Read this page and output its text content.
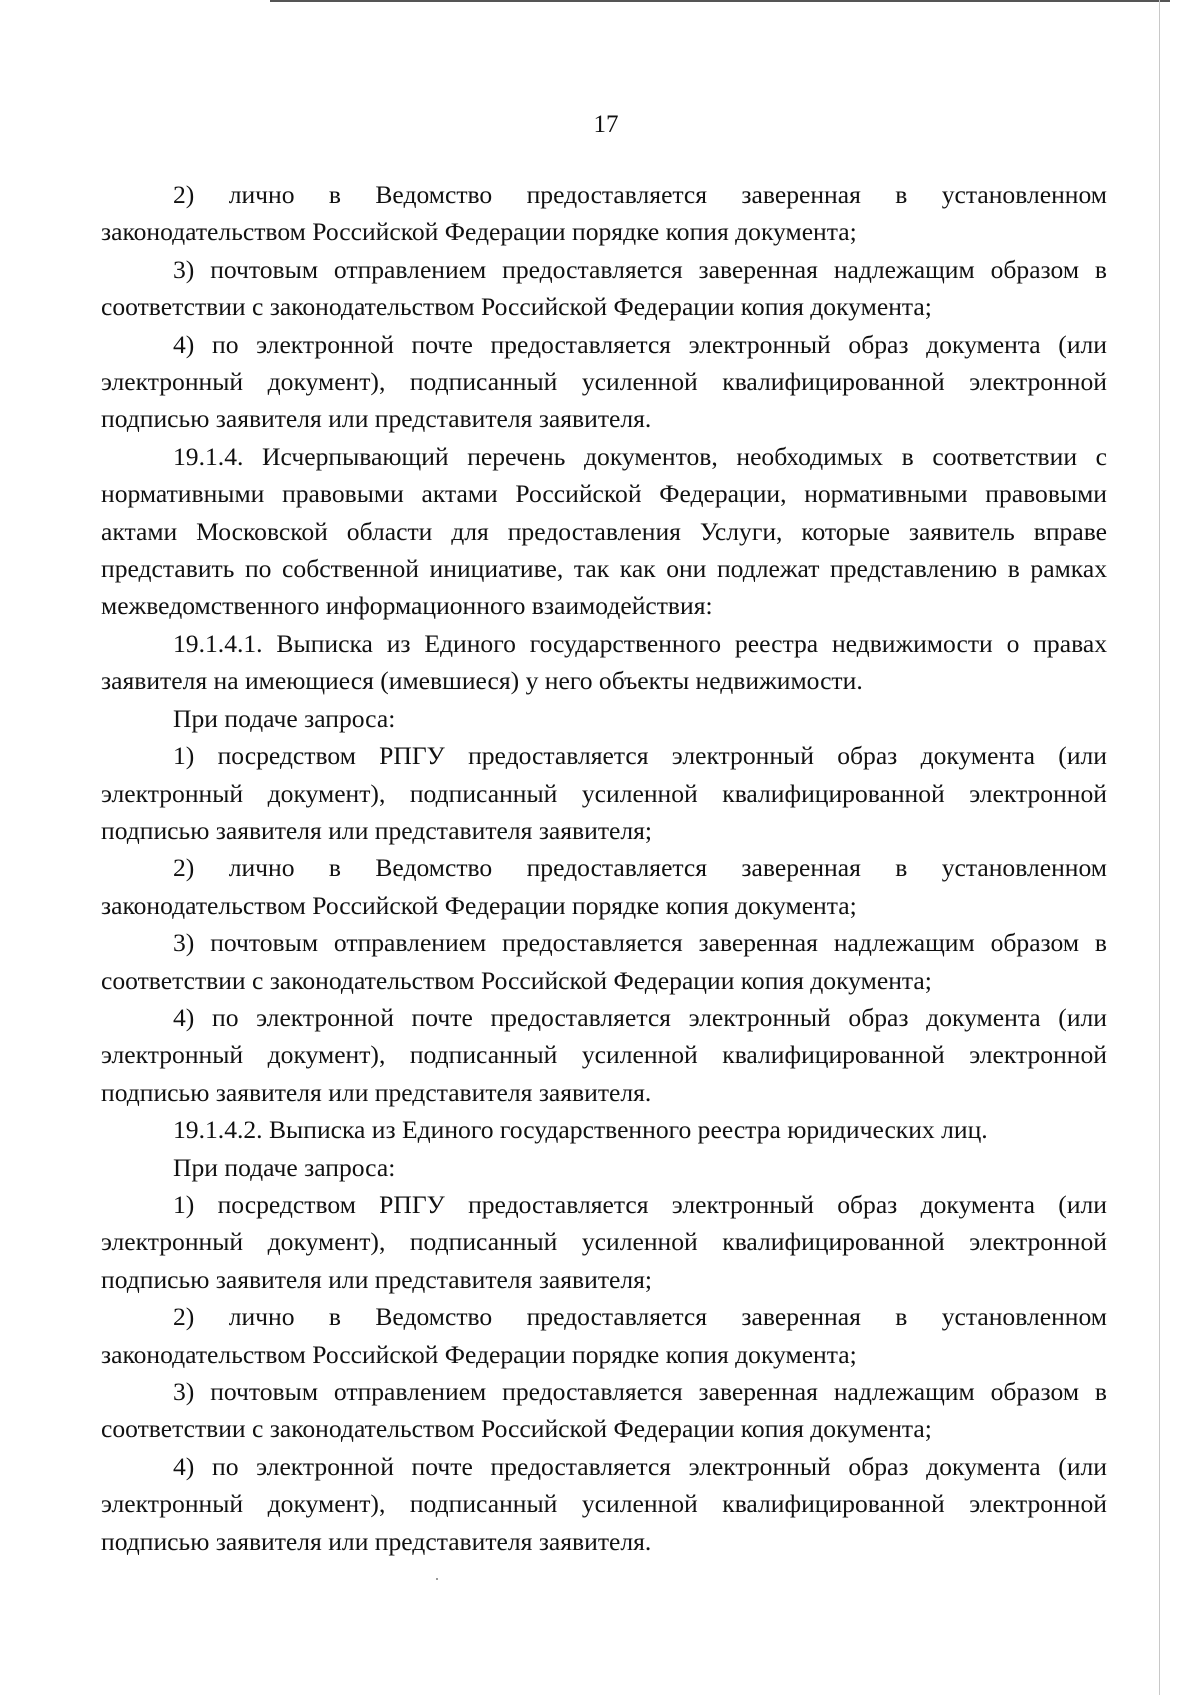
17

2) лично в Ведомство предоставляется заверенная в установленном законодательством Российской Федерации порядке копия документа;

3) почтовым отправлением предоставляется заверенная надлежащим образом в соответствии с законодательством Российской Федерации копия документа;

4) по электронной почте предоставляется электронный образ документа (или электронный документ), подписанный усиленной квалифицированной электронной подписью заявителя или представителя заявителя.

19.1.4. Исчерпывающий перечень документов, необходимых в соответствии с нормативными правовыми актами Российской Федерации, нормативными правовыми актами Московской области для предоставления Услуги, которые заявитель вправе представить по собственной инициативе, так как они подлежат представлению в рамках межведомственного информационного взаимодействия:

19.1.4.1. Выписка из Единого государственного реестра недвижимости о правах заявителя на имеющиеся (имевшиеся) у него объекты недвижимости.

При подаче запроса:

1) посредством РПГУ предоставляется электронный образ документа (или электронный документ), подписанный усиленной квалифицированной электронной подписью заявителя или представителя заявителя;

2) лично в Ведомство предоставляется заверенная в установленном законодательством Российской Федерации порядке копия документа;

3) почтовым отправлением предоставляется заверенная надлежащим образом в соответствии с законодательством Российской Федерации копия документа;

4) по электронной почте предоставляется электронный образ документа (или электронный документ), подписанный усиленной квалифицированной электронной подписью заявителя или представителя заявителя.

19.1.4.2. Выписка из Единого государственного реестра юридических лиц.

При подаче запроса:

1) посредством РПГУ предоставляется электронный образ документа (или электронный документ), подписанный усиленной квалифицированной электронной подписью заявителя или представителя заявителя;

2) лично в Ведомство предоставляется заверенная в установленном законодательством Российской Федерации порядке копия документа;

3) почтовым отправлением предоставляется заверенная надлежащим образом в соответствии с законодательством Российской Федерации копия документа;

4) по электронной почте предоставляется электронный образ документа (или электронный документ), подписанный усиленной квалифицированной электронной подписью заявителя или представителя заявителя.
